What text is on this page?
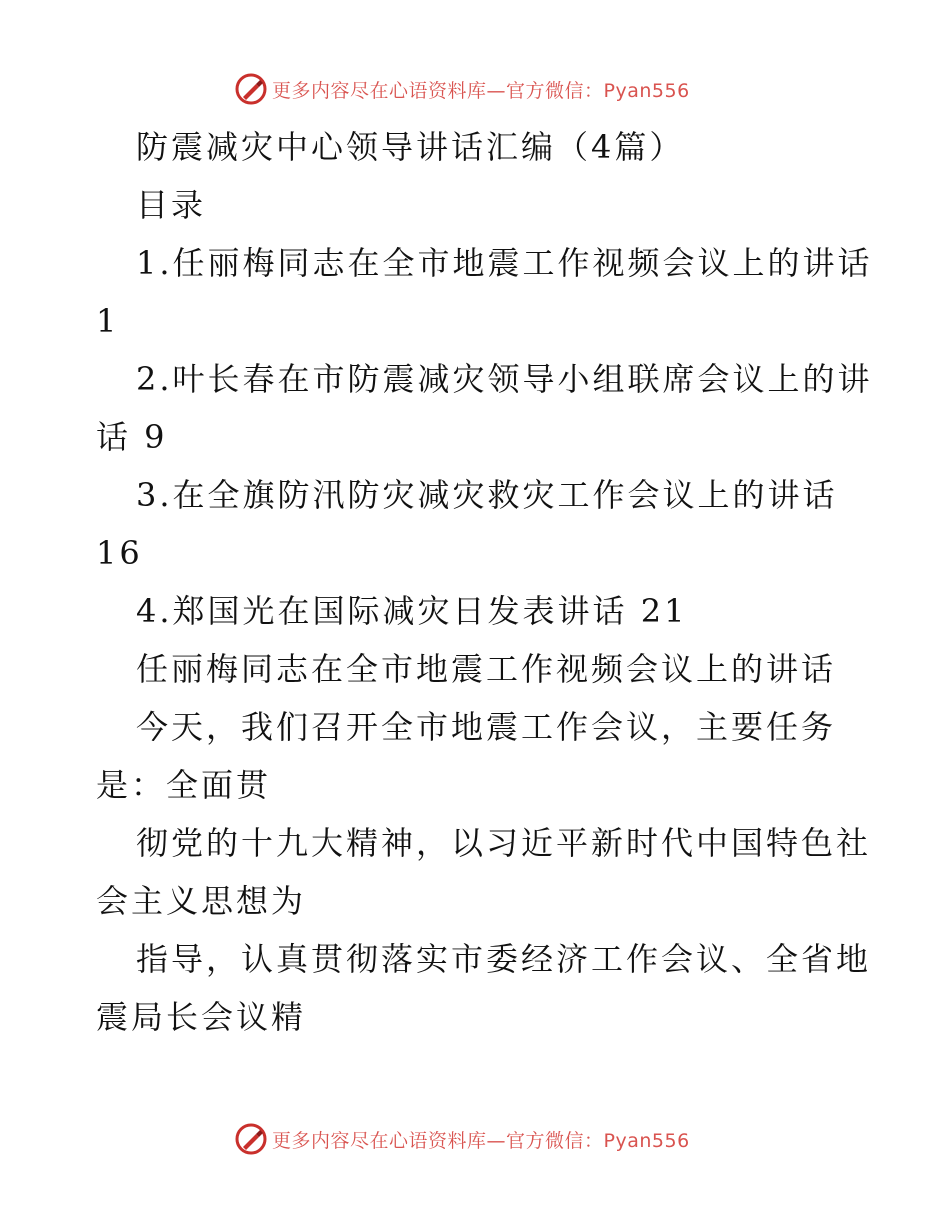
更多内容尽在心语资料库—官方微信：Pyan556
防震减灾中心领导讲话汇编（4篇）
目录
1.任丽梅同志在全市地震工作视频会议上的讲话
1
2.叶长春在市防震减灾领导小组联席会议上的讲
话 9
3.在全旗防汛防灾减灾救灾工作会议上的讲话
16
4.郑国光在国际减灾日发表讲话 21
任丽梅同志在全市地震工作视频会议上的讲话
今天，我们召开全市地震工作会议，主要任务
是：全面贯
彻党的十九大精神，以习近平新时代中国特色社
会主义思想为
指导，认真贯彻落实市委经济工作会议、全省地
震局长会议精
更多内容尽在心语资料库—官方微信：Pyan556
